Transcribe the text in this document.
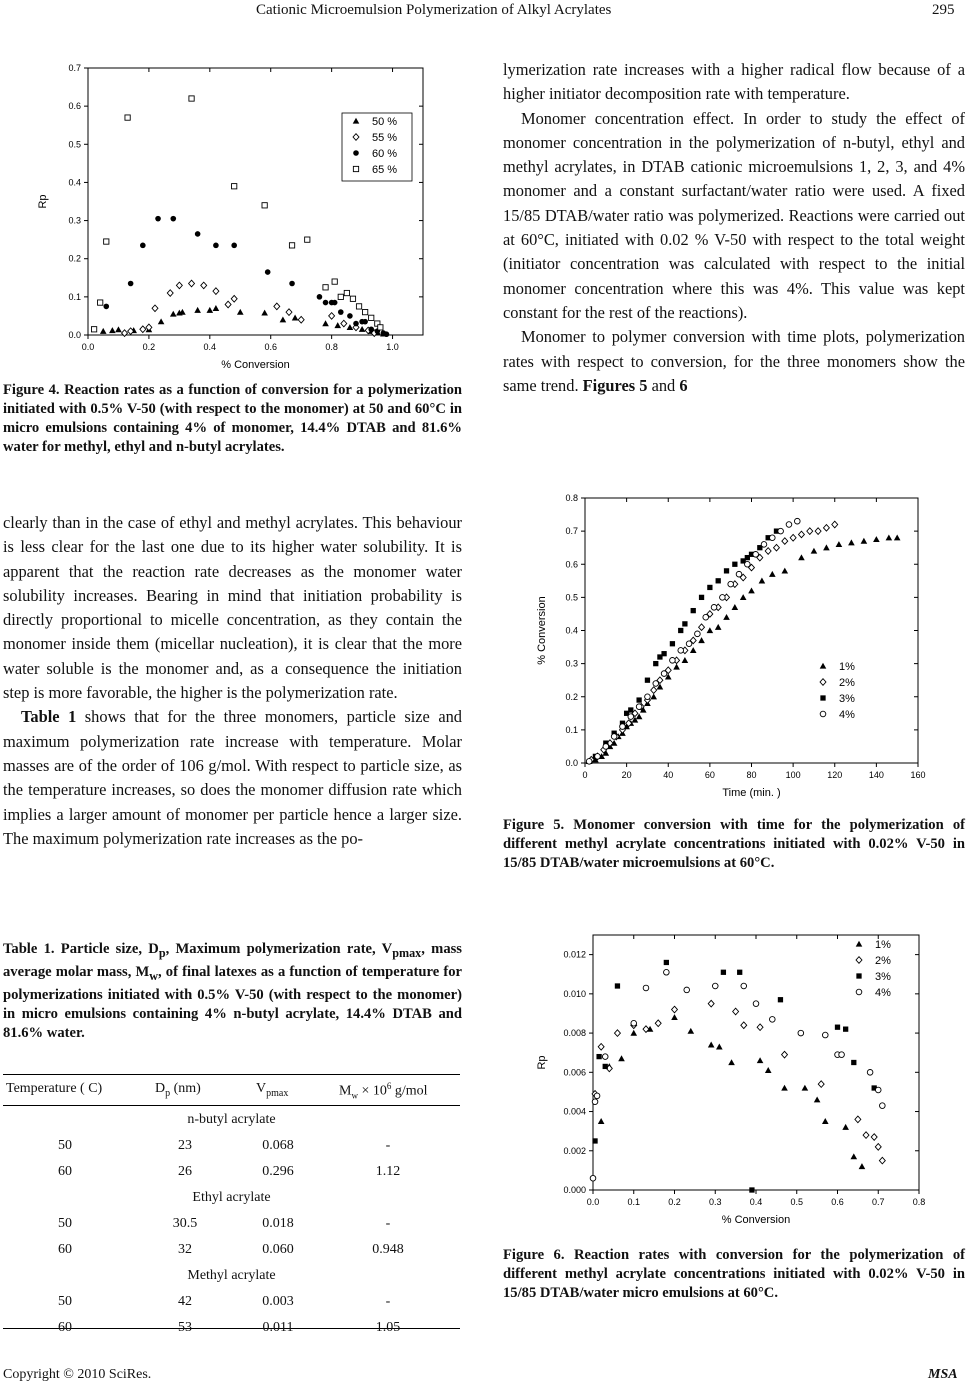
Cationic Microemulsion Polymerization of Alkyl Acrylates	295
0.0	0.2	0.4	0.6	0.8	1.0
0.0
0.1
0.2
0.3
0.4
0.5
0.6
0.7
% Conversion
Rp
50 %
55 %
60 %
65 %

Figure 4. Reaction rates as a function of conversion for a polymerization initiated with 0.5% V-50 (with respect to the monomer) at 50 and 60°C in micro emulsions containing 4% of monomer, 14.4% DTAB and 81.6% water for methyl, ethyl and n-butyl acrylates.

clearly than in the case of ethyl and methyl acrylates. This behaviour is less clear for the last one due to its higher water solubility. It is apparent that the reaction rate decreases as the monomer water solubility increases. Bearing in mind that initiation probability is directly proportional to micelle concentration, as they contain the monomer inside them (micellar nucleation), it is clear that the more water soluble is the monomer and, as a consequence the initiation step is more favorable, the higher is the polymerization rate.

Table 1 shows that for the three monomers, particle size and maximum polymerization rate increase with temperature. Molar masses are of the order of 106 g/mol. With respect to particle size, as the temperature increases, so does the monomer diffusion rate which implies a larger amount of monomer per particle hence a larger size. The maximum polymerization rate increases as the po-

Table 1. Particle size, $D_p$, Maximum polymerization rate, $V_{pmax}$, mass average molar mass, $M_w$, of final latexes as a function of temperature for polymerizations initiated with 0.5% V-50 (with respect to the monomer) in micro emulsions containing 4% n-butyl acrylate, 14.4% DTAB and 81.6% water.

Temperature ( C)	$D_p$ (nm)	$V_{pmax}$	$M_w \times 10^6$ g/mol
n-butyl acrylate
50	23	0.068	-
60	26	0.296	1.12
Ethyl acrylate
50	30.5	0.018	-
60	32	0.060	0.948
Methyl acrylate
50	42	0.003	-
60	53	0.011	1.05

lymerization rate increases with a higher radical flow because of a higher initiator decomposition rate with temperature.

Monomer concentration effect. In order to study the effect of monomer concentration in the polymerization of n-butyl, ethyl and methyl acrylates, in DTAB cationic microemulsions 1, 2, 3, and 4% monomer and a constant surfactant/water ratio were used. A fixed 15/85 DTAB/water ratio was polymerized. Reactions were carried out at 60°C, initiated with 0.02 % V-50 with respect to the total weight (initiator concentration was calculated with respect to the initial monomer concentration where this was 4%. This value was kept constant for the rest of the reactions).

Monomer to polymer conversion with time plots, polymerization rates with respect to conversion, for the three monomers show the same trend. Figures 5 and 6

0	20	40	60	80	100	120	140	160
0.0
0.1
0.2
0.3
0.4
0.5
0.6
0.7
0.8
Time (min. )
% Conversion
1%
2%
3%
4%

Figure 5. Monomer conversion with time for the polymerization of different methyl acrylate concentrations initiated with 0.02% V-50 in 15/85 DTAB/water microemulsions at 60°C.

0.0	0.1	0.2	0.3	0.4	0.5	0.6	0.7	0.8
0.000
0.002
0.004
0.006
0.008
0.010
0.012
% Conversion
Rp
1%
2%
3%
4%

Figure 6. Reaction rates with conversion for the polymerization of different methyl acrylate concentrations initiated with 0.02% V-50 in 15/85 DTAB/water micro emulsions at 60°C.

Copyright © 2010 SciRes.	MSA
